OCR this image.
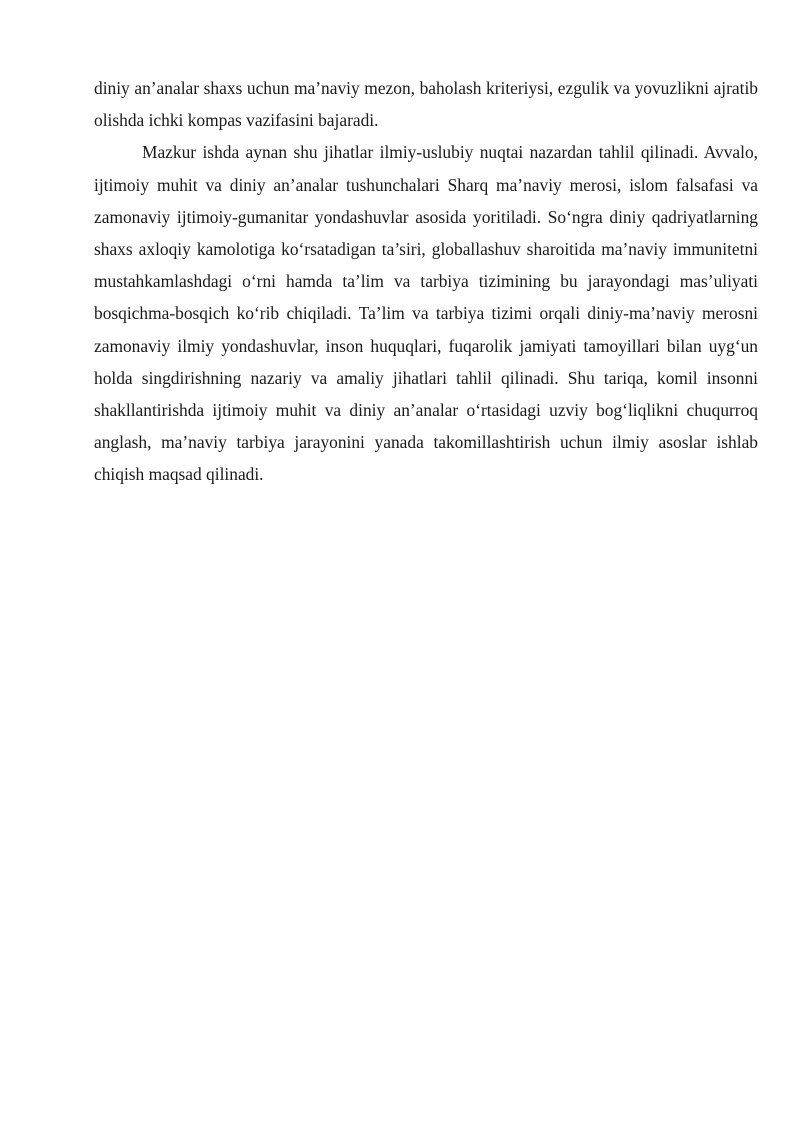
diniy an’analar shaxs uchun ma’naviy mezon, baholash kriteriysi, ezgulik va yovuzlikni ajratib olishda ichki kompas vazifasini bajaradi.

Mazkur ishda aynan shu jihatlar ilmiy-uslubiy nuqtai nazardan tahlil qilinadi. Avvalo, ijtimoiy muhit va diniy an’analar tushunchalari Sharq ma’naviy merosi, islom falsafasi va zamonaviy ijtimoiy-gumanitar yondashuvlar asosida yoritiladi. So‘ngra diniy qadriyatlarning shaxs axloqiy kamolotiga ko‘rsatadigan ta’siri, globallashuv sharoitida ma’naviy immunitetni mustahkamlashdagi o‘rni hamda ta’lim va tarbiya tizimining bu jarayondagi mas’uliyati bosqichma-bosqich ko‘rib chiqiladi. Ta’lim va tarbiya tizimi orqali diniy-ma’naviy merosni zamonaviy ilmiy yondashuvlar, inson huquqlari, fuqarolik jamiyati tamoyillari bilan uyg‘un holda singdirishning nazariy va amaliy jihatlari tahlil qilinadi. Shu tariqa, komil insonni shakllantirishda ijtimoiy muhit va diniy an’analar o‘rtasidagi uzviy bog‘liqlikni chuqurroq anglash, ma’naviy tarbiya jarayonini yanada takomillashtirish uchun ilmiy asoslar ishlab chiqish maqsad qilinadi.
